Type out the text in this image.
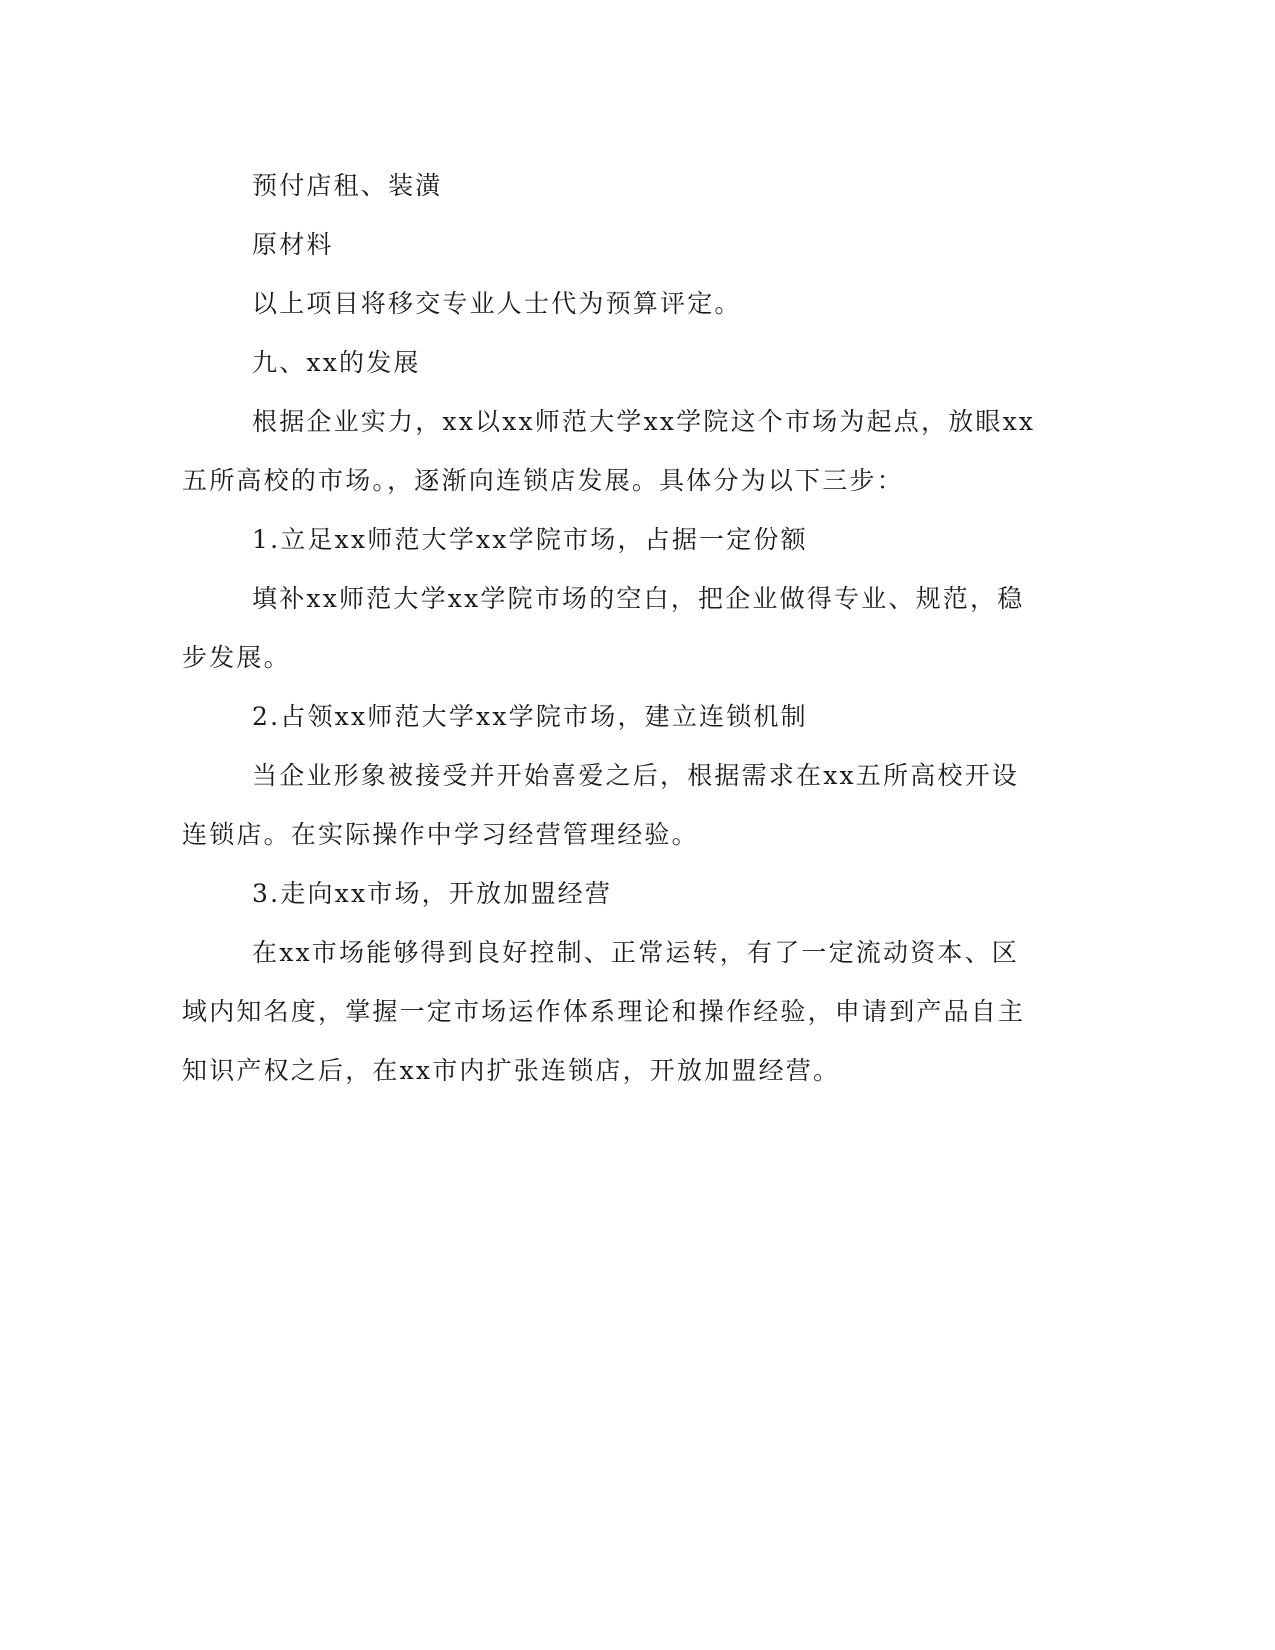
预付店租、装潢

原材料

以上项目将移交专业人士代为预算评定。

九、xx的发展

根据企业实力，xx以xx师范大学xx学院这个市场为起点，放眼xx五所高校的市场。，逐渐向连锁店发展。具体分为以下三步：

1.立足xx师范大学xx学院市场，占据一定份额

填补xx师范大学xx学院市场的空白，把企业做得专业、规范，稳步发展。

2.占领xx师范大学xx学院市场，建立连锁机制

当企业形象被接受并开始喜爱之后，根据需求在xx五所高校开设连锁店。在实际操作中学习经营管理经验。

3.走向xx市场，开放加盟经营

在xx市场能够得到良好控制、正常运转，有了一定流动资本、区域内知名度，掌握一定市场运作体系理论和操作经验，申请到产品自主知识产权之后，在xx市内扩张连锁店，开放加盟经营。
